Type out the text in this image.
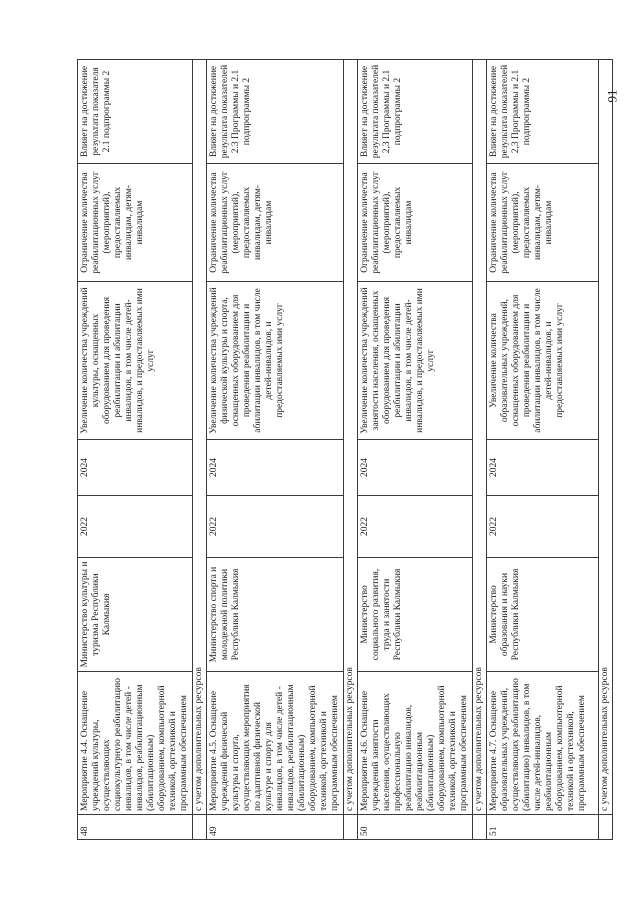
48	Мероприятие 4.4. Оснащение учреждений культуры, осуществляющих социокультурную реабилитацию инвалидов, в том числе детей - инвалидов, реабилитационным (абилитационным) оборудованием, компьютерной техникой, оргтехникой и программным обеспечением	Министерство культуры и туризма Республики Калмыкия	2022	2024	Увеличение количества учреждений культуры, оснащенных оборудованием для проведения реабилитации и абилитации инвалидов, в том числе детей-инвалидов, и предоставляемых ими услуг	Ограничение количества реабилитационных услуг (мероприятий), предоставляемых инвалидам, детям-инвалидам	Влияет на достижение результата показателя 2.1 подпрограммы 2
	с учетом дополнительных ресурсов						
49	Мероприятие 4.5. Оснащение учреждений физической культуры и спорта, осуществляющих мероприятия по адаптивной физической культуре и спорту для инвалидов, в том числе детей - инвалидов, реабилитационным (абилитационным) оборудованием, компьютерной техникой, оргтехникой и программным обеспечением	Министерство спорта и молодежной политики Республики Калмыкия	2022	2024	Увеличение количества учреждений физической культуры и спорта, оснащенных оборудованием для проведения реабилитации и абилитации инвалидов, в том числе детей-инвалидов, и предоставляемых ими услуг	Ограничение количества реабилитационных услуг (мероприятий), предоставляемых инвалидам, детям-инвалидам	Влияет на достижение результата показателей 2.3 Программы и 2.1 подпрограммы 2
	с учетом дополнительных ресурсов						
50	Мероприятие 4.6. Оснащение учреждений занятости населения, осуществляющих профессиональную реабилитацию инвалидов, реабилитационным (абилитационным) оборудованием, компьютерной техникой, оргтехникой и программным обеспечением	Министерство социального развития, труда и занятости Республики Калмыкия	2022	2024	Увеличение количества учреждений занятости населения, оснащенных оборудованием для проведения реабилитации и абилитации инвалидов, в том числе детей-инвалидов, и предоставляемых ими услуг	Ограничение количества реабилитационных услуг (мероприятий), предоставляемых инвалидам	Влияет на достижение результата показателей 2,3 Программы и 2.1 подпрограммы 2
	с учетом дополнительных ресурсов						
51	Мероприятие 4.7. Оснащение образовательных учреждений, осуществляющих реабилитацию (абилитацию) инвалидов, в том числе детей-инвалидов, реабилитационным оборудованием, компьютерной техникой и оргтехникой, программным обеспечением	Министерство образования и науки Республики Калмыкия	2022	2024	Увеличение количества образовательных учреждений, оснащенных оборудованием для проведения реабилитации и абилитации инвалидов, в том числе детей-инвалидов, и предоставляемых ими услуг	Ограничение количества реабилитационных услуг (мероприятий), предоставляемых инвалидам, детям-инвалидам	Влияет на достижение результата показателей 2,3 Программы и 2.1 подпрограммы 2
	с учетом дополнительных ресурсов						
91
